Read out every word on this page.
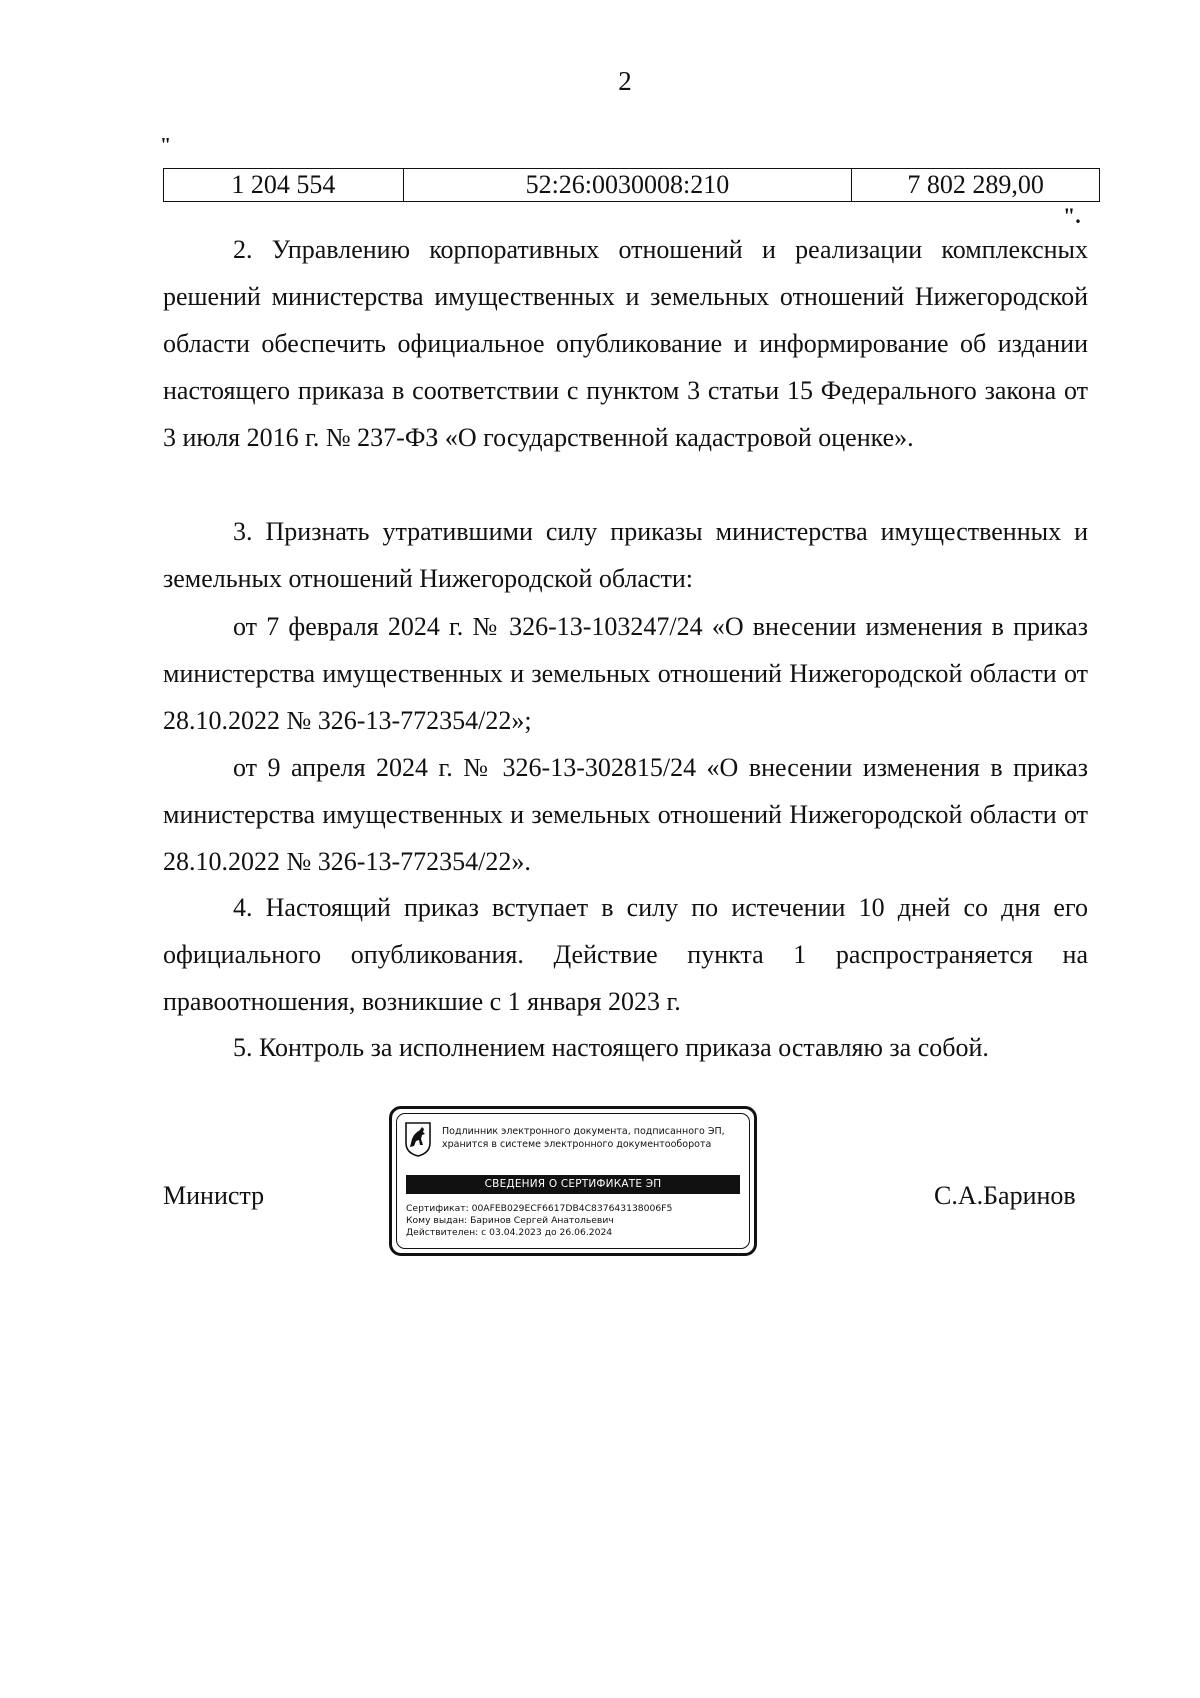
2
"
1 204 554	52:26:0030008:210	7 802 289,00
".
2. Управлению корпоративных отношений и реализации комплексных решений министерства имущественных и земельных отношений Нижегородской области обеспечить официальное опубликование и информирование об издании настоящего приказа в соответствии с пунктом 3 статьи 15 Федерального закона от 3 июля 2016 г. № 237-ФЗ «О государственной кадастровой оценке».
3. Признать утратившими силу приказы министерства имущественных и земельных отношений Нижегородской области:
от 7 февраля 2024 г. № 326-13-103247/24 «О внесении изменения в приказ министерства имущественных и земельных отношений Нижегородской области от 28.10.2022 № 326-13-772354/22»;
от 9 апреля 2024 г. № 326-13-302815/24 «О внесении изменения в приказ министерства имущественных и земельных отношений Нижегородской области от 28.10.2022 № 326-13-772354/22».
4. Настоящий приказ вступает в силу по истечении 10 дней со дня его официального опубликования. Действие пункта 1 распространяется на правоотношения, возникшие с 1 января 2023 г.
5. Контроль за исполнением настоящего приказа оставляю за собой.
Министр
Подлинник электронного документа, подписанного ЭП,
хранится в системе электронного документооборота
СВЕДЕНИЯ О СЕРТИФИКАТЕ ЭП
Сертификат: 00AFEB029ECF6617DB4C837643138006F5
Кому выдан: Баринов Сергей Анатольевич
Действителен: с 03.04.2023 до 26.06.2024
С.А.Баринов
